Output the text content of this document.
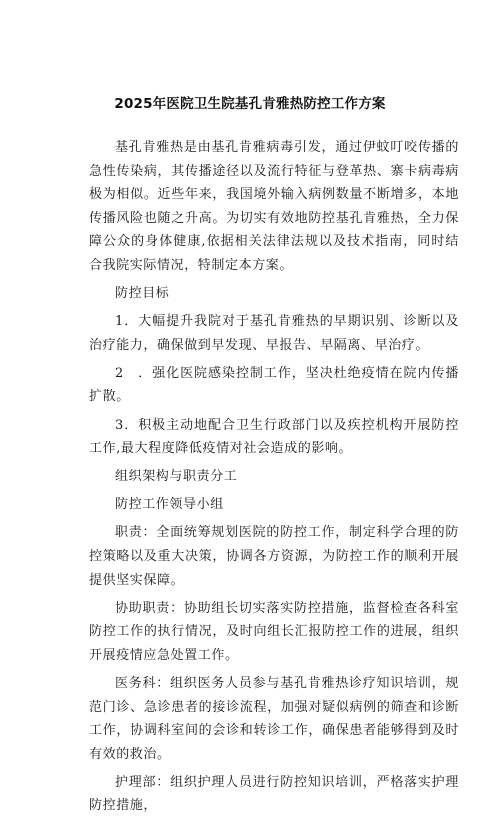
2025年医院卫生院基孔肯雅热防控工作方案

基孔肯雅热是由基孔肯雅病毒引发，通过伊蚊叮咬传播的急性传染病，其传播途径以及流行特征与登革热、寨卡病毒病极为相似。近些年来，我国境外输入病例数量不断增多，本地传播风险也随之升高。为切实有效地防控基孔肯雅热，全力保障公众的身体健康,依据相关法律法规以及技术指南，同时结合我院实际情况，特制定本方案。

防控目标

1．大幅提升我院对于基孔肯雅热的早期识别、诊断以及治疗能力，确保做到早发现、早报告、早隔离、早治疗。

2　．强化医院感染控制工作，坚决杜绝疫情在院内传播扩散。

3．积极主动地配合卫生行政部门以及疾控机构开展防控工作,最大程度降低疫情对社会造成的影响。

组织架构与职责分工

防控工作领导小组

职责：全面统筹规划医院的防控工作，制定科学合理的防控策略以及重大决策，协调各方资源，为防控工作的顺利开展提供坚实保障。

协助职责：协助组长切实落实防控措施，监督检查各科室防控工作的执行情况，及时向组长汇报防控工作的进展，组织开展疫情应急处置工作。

医务科：组织医务人员参与基孔肯雅热诊疗知识培训，规范门诊、急诊患者的接诊流程，加强对疑似病例的筛查和诊断工作，协调科室间的会诊和转诊工作，确保患者能够得到及时有效的救治。

护理部：组织护理人员进行防控知识培训，严格落实护理防控措施，
